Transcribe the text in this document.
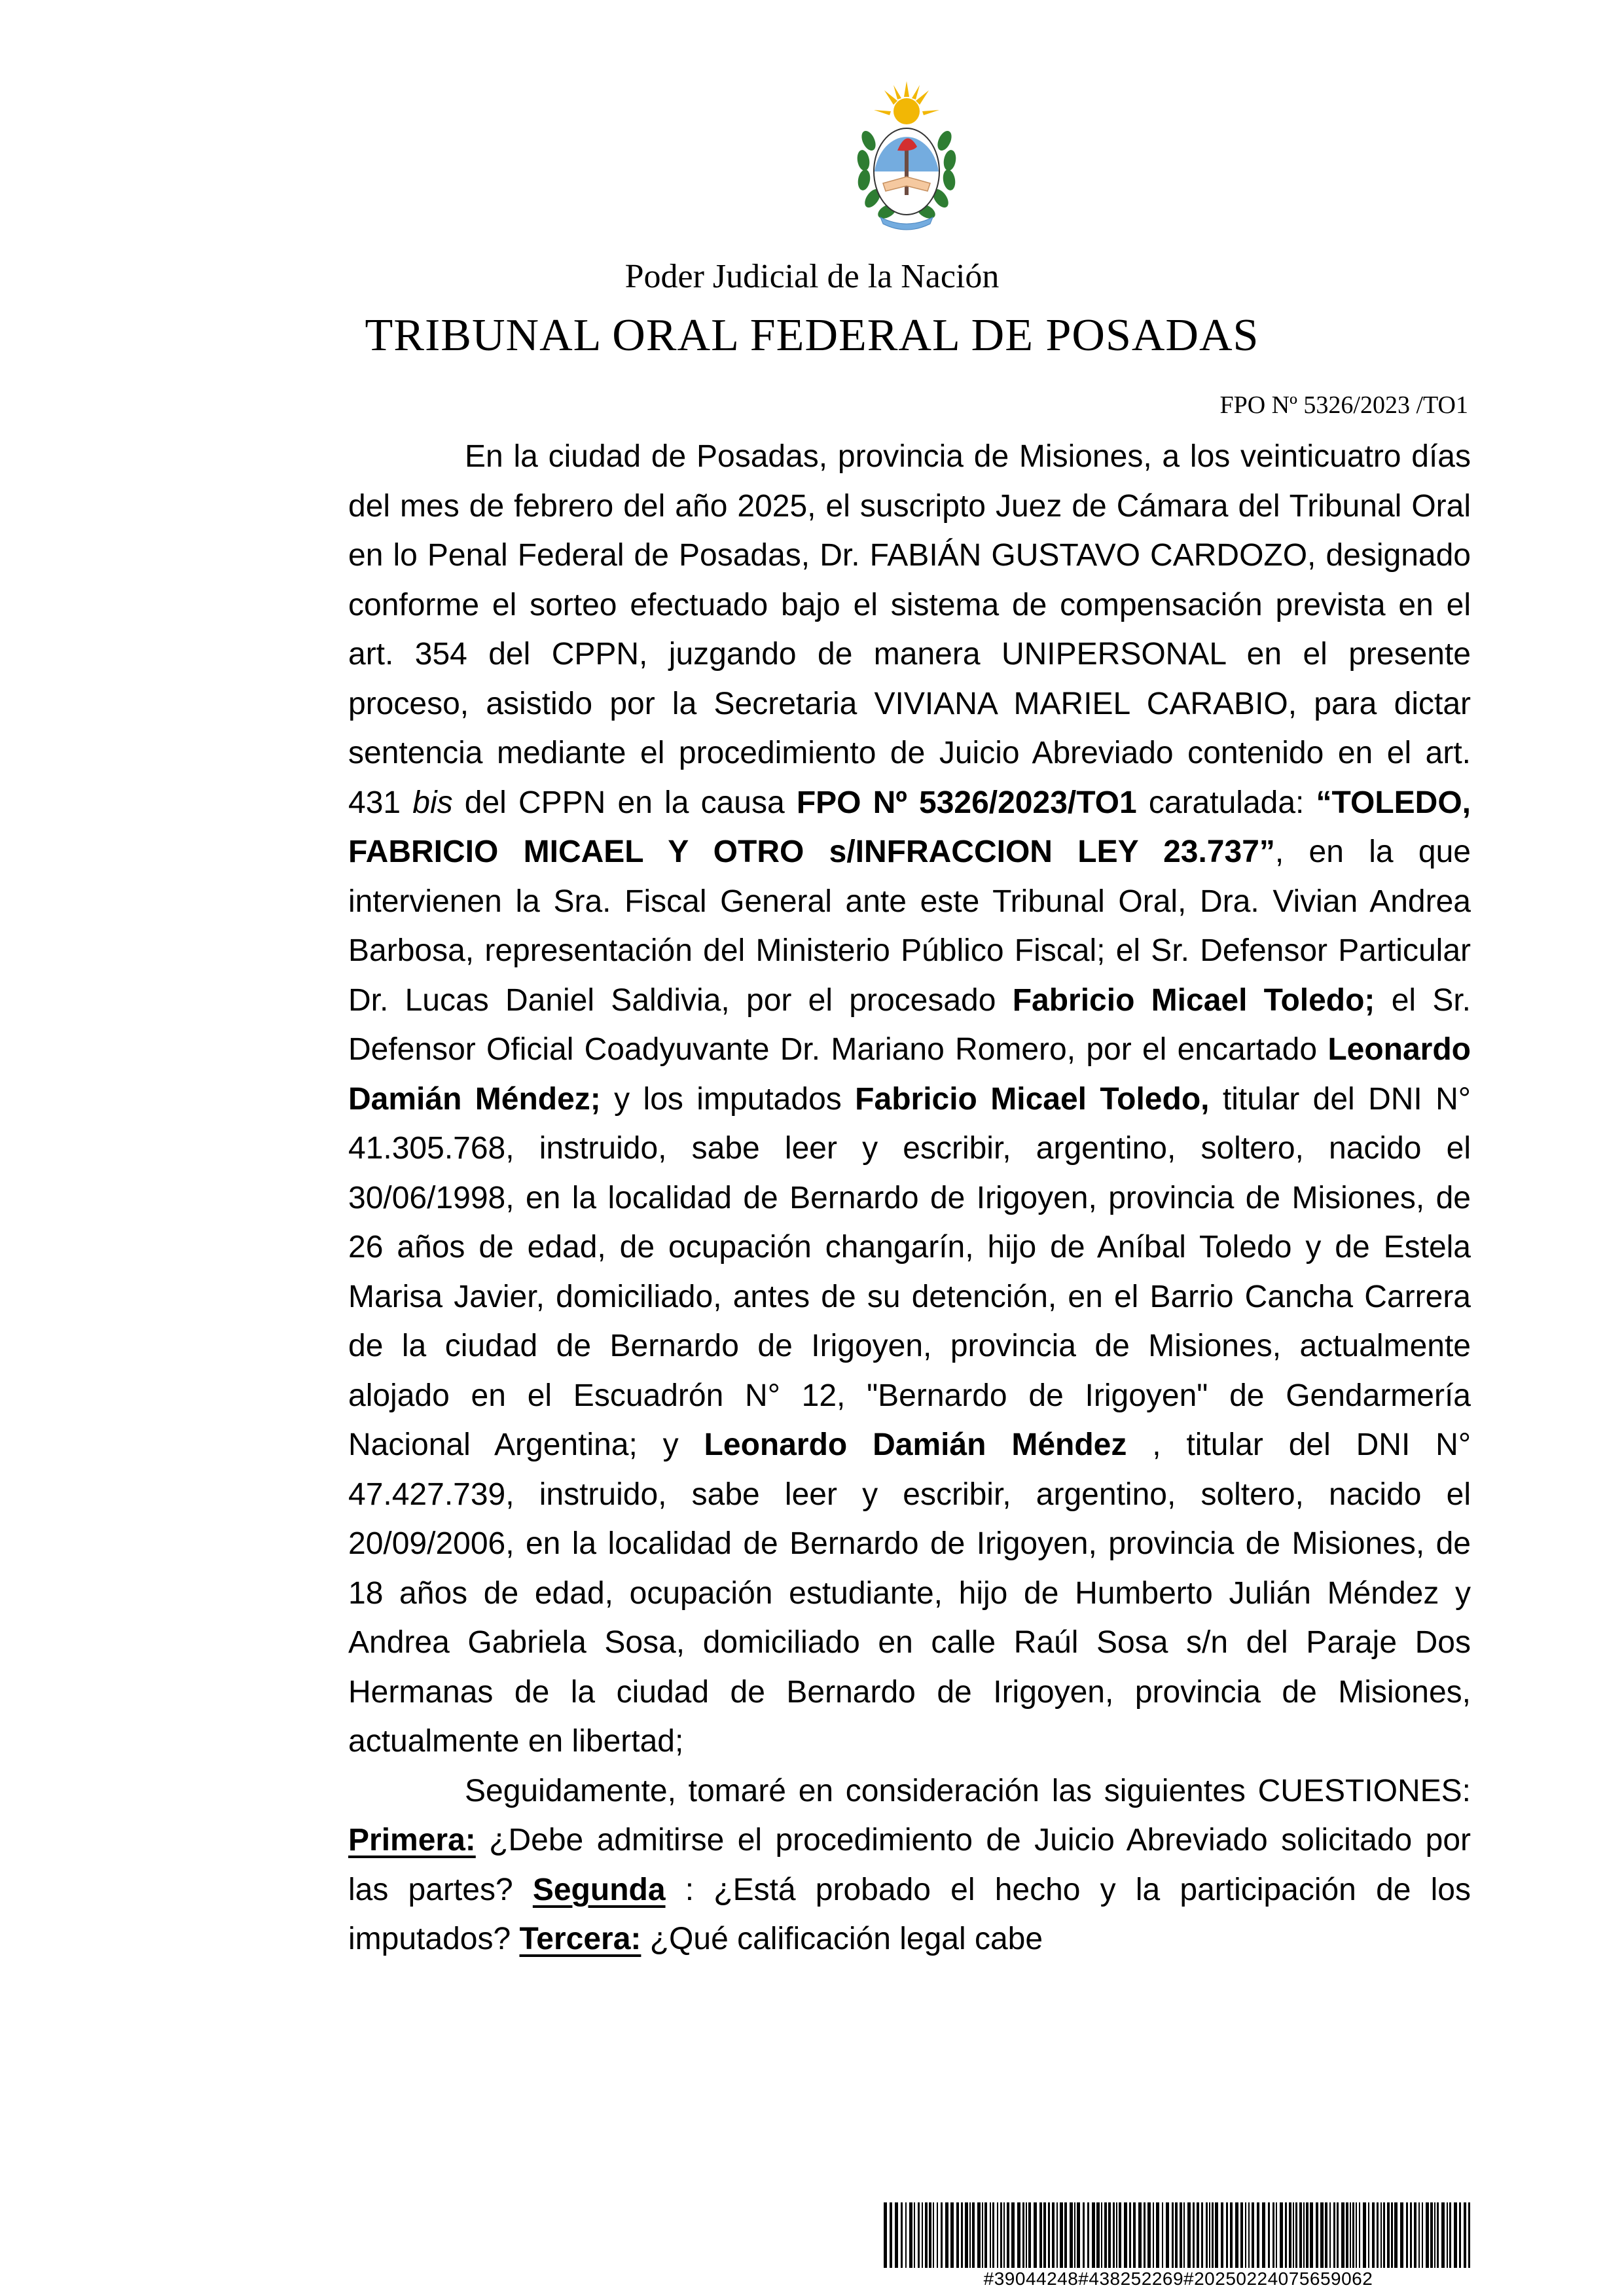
Poder Judicial de la Nación
TRIBUNAL ORAL FEDERAL DE POSADAS
FPO Nº 5326/2023 /TO1

En la ciudad de Posadas, provincia de Misiones, a los veinticuatro días del mes de febrero del año 2025, el suscripto Juez de Cámara del Tribunal Oral en lo Penal Federal de Posadas, Dr. FABIÁN GUSTAVO CARDOZO, designado conforme el sorteo efectuado bajo el sistema de compensación prevista en el art. 354 del CPPN, juzgando de manera UNIPERSONAL en el presente proceso, asistido por la Secretaria VIVIANA MARIEL CARABIO, para dictar sentencia mediante el procedimiento de Juicio Abreviado contenido en el art. 431 bis del CPPN en la causa FPO Nº 5326/2023/TO1 caratulada: “TOLEDO, FABRICIO MICAEL Y OTRO s/INFRACCION LEY 23.737”, en la que intervienen la Sra. Fiscal General ante este Tribunal Oral, Dra. Vivian Andrea Barbosa, representación del Ministerio Público Fiscal; el Sr. Defensor Particular Dr. Lucas Daniel Saldivia, por el procesado Fabricio Micael Toledo; el Sr. Defensor Oficial Coadyuvante Dr. Mariano Romero, por el encartado Leonardo Damián Méndez; y los imputados Fabricio Micael Toledo, titular del DNI N° 41.305.768, instruido, sabe leer y escribir, argentino, soltero, nacido el 30/06/1998, en la localidad de Bernardo de Irigoyen, provincia de Misiones, de 26 años de edad, de ocupación changarín, hijo de Aníbal Toledo y de Estela Marisa Javier, domiciliado, antes de su detención, en el Barrio Cancha Carrera de la ciudad de Bernardo de Irigoyen, provincia de Misiones, actualmente alojado en el Escuadrón N° 12, "Bernardo de Irigoyen" de Gendarmería Nacional Argentina; y Leonardo Damián Méndez , titular del DNI N° 47.427.739, instruido, sabe leer y escribir, argentino, soltero, nacido el 20/09/2006, en la localidad de Bernardo de Irigoyen, provincia de Misiones, de 18 años de edad, ocupación estudiante, hijo de Humberto Julián Méndez y Andrea Gabriela Sosa, domiciliado en calle Raúl Sosa s/n del Paraje Dos Hermanas de la ciudad de Bernardo de Irigoyen, provincia de Misiones, actualmente en libertad;

Seguidamente, tomaré en consideración las siguientes CUESTIONES: Primera: ¿Debe admitirse el procedimiento de Juicio Abreviado solicitado por las partes? Segunda : ¿Está probado el hecho y la participación de los imputados? Tercera: ¿Qué calificación legal cabe

#39044248#438252269#20250224075659062
